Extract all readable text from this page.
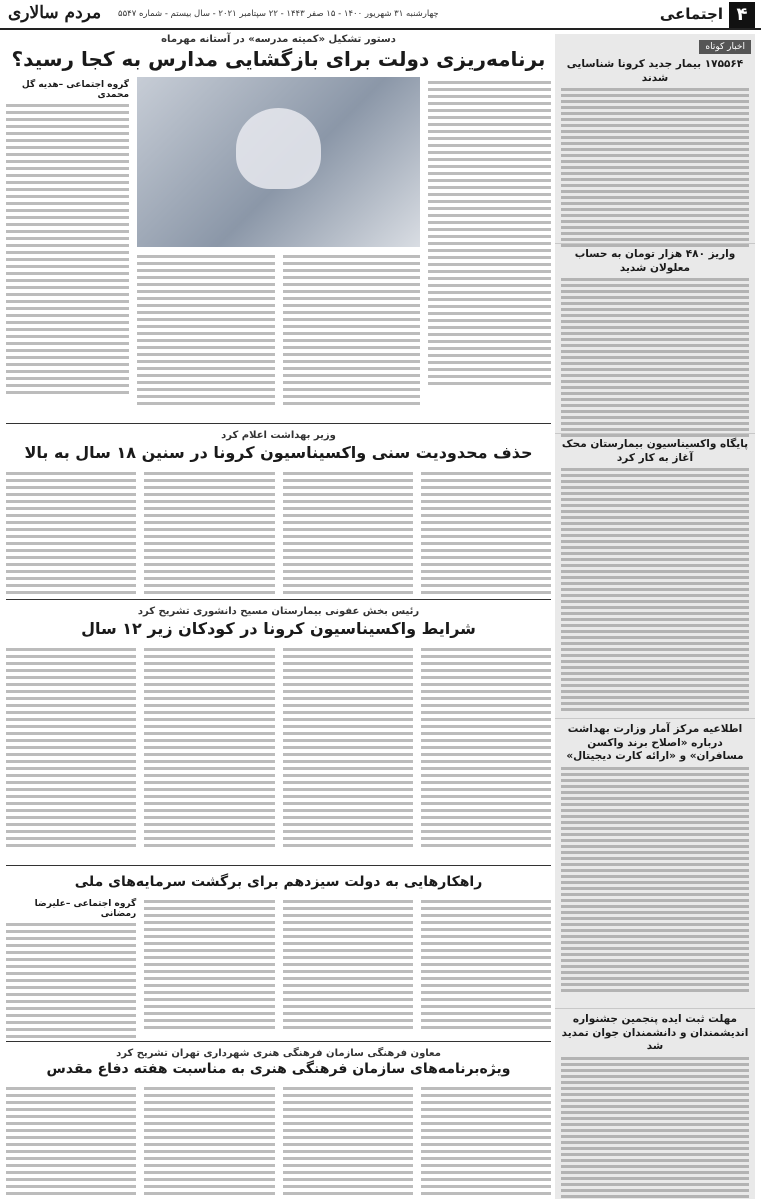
۴
اجتماعی
چهارشنبه ۳۱ شهریور ۱۴۰۰ - ۱۵ صفر ۱۴۴۳ - ۲۲ سپتامبر ۲۰۲۱ - سال بیستم - شماره ۵۵۴۷
مردم سالاری
اخبار کوتاه
۱۷۵۵۶۴ بیمار جدید کرونا شناسایی شدند
واریز ۴۸۰ هزار تومان به حساب معلولان شدید
پایگاه واکسیناسیون بیمارستان محک آغاز به کار کرد
اطلاعیه مرکز آمار وزارت بهداشت درباره «اصلاح برند واکسن مسافران» و «ارائه کارت دیجیتال»
مهلت ثبت ایده پنجمین جشنواره اندیشمندان و دانشمندان جوان تمدید شد
دستور تشکیل «کمیته مدرسه» در آستانه مهرماه
برنامه‌ریزی دولت برای بازگشایی مدارس به کجا رسید؟
گروه اجتماعی –هدیه گل محمدی
وزیر بهداشت اعلام کرد
حذف محدودیت سنی واکسیناسیون کرونا در سنین ۱۸ سال به بالا
رئیس بخش عفونی بیمارستان مسیح دانشوری تشریح کرد
شرایط واکسیناسیون کرونا در کودکان زیر ۱۲ سال
راهکارهایی به دولت سیزدهم برای برگشت سرمایه‌های ملی
گروه اجتماعی –علیرضا رمضانی
معاون فرهنگی سازمان فرهنگی هنری شهرداری تهران تشریح کرد
ویژه‌برنامه‌های سازمان فرهنگی هنری به مناسبت هفته دفاع مقدس
